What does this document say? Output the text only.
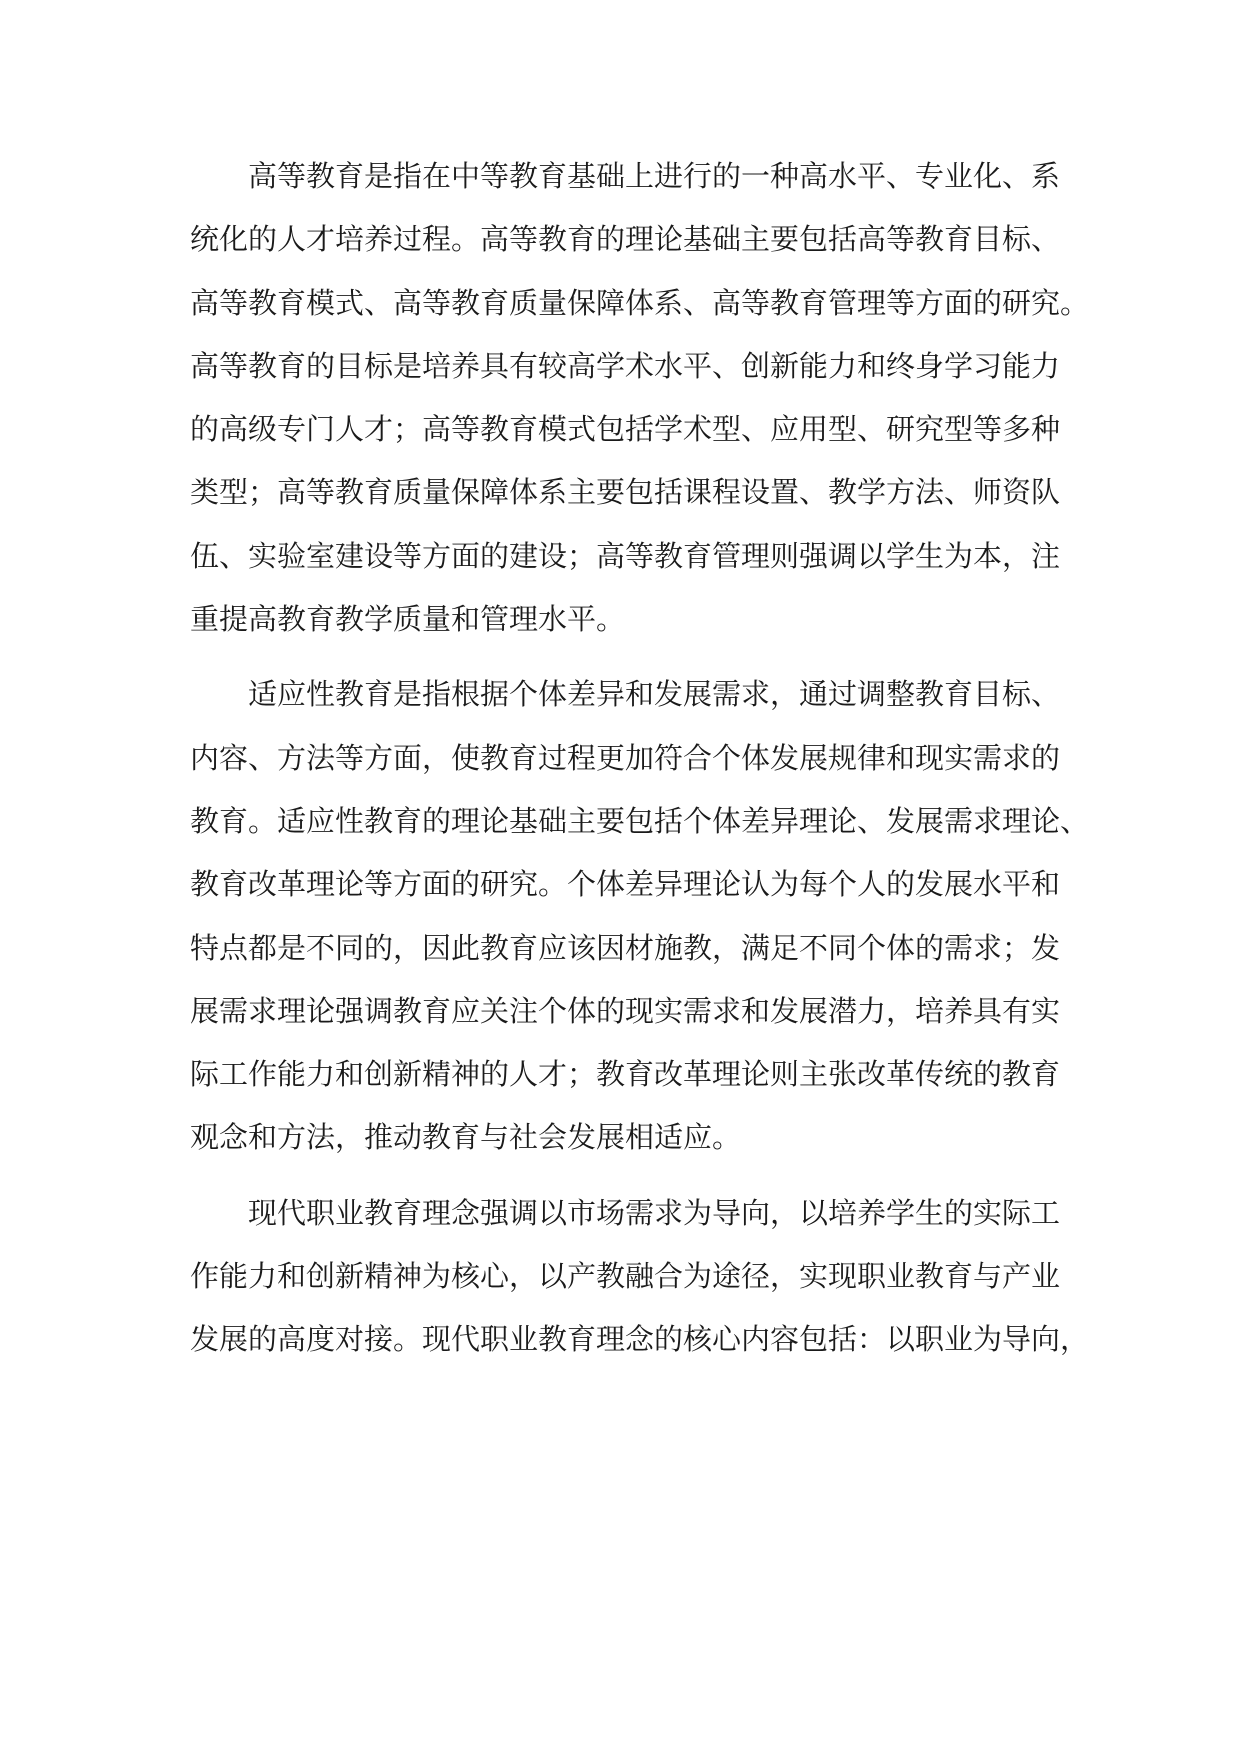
高等教育是指在中等教育基础上进行的一种高水平、专业化、系
统化的人才培养过程。高等教育的理论基础主要包括高等教育目标、
高等教育模式、高等教育质量保障体系、高等教育管理等方面的研究。
高等教育的目标是培养具有较高学术水平、创新能力和终身学习能力
的高级专门人才；高等教育模式包括学术型、应用型、研究型等多种
类型；高等教育质量保障体系主要包括课程设置、教学方法、师资队
伍、实验室建设等方面的建设；高等教育管理则强调以学生为本，注
重提高教育教学质量和管理水平。
适应性教育是指根据个体差异和发展需求，通过调整教育目标、
内容、方法等方面，使教育过程更加符合个体发展规律和现实需求的
教育。适应性教育的理论基础主要包括个体差异理论、发展需求理论、
教育改革理论等方面的研究。个体差异理论认为每个人的发展水平和
特点都是不同的，因此教育应该因材施教，满足不同个体的需求；发
展需求理论强调教育应关注个体的现实需求和发展潜力，培养具有实
际工作能力和创新精神的人才；教育改革理论则主张改革传统的教育
观念和方法，推动教育与社会发展相适应。
现代职业教育理念强调以市场需求为导向，以培养学生的实际工
作能力和创新精神为核心，以产教融合为途径，实现职业教育与产业
发展的高度对接。现代职业教育理念的核心内容包括：以职业为导向，
